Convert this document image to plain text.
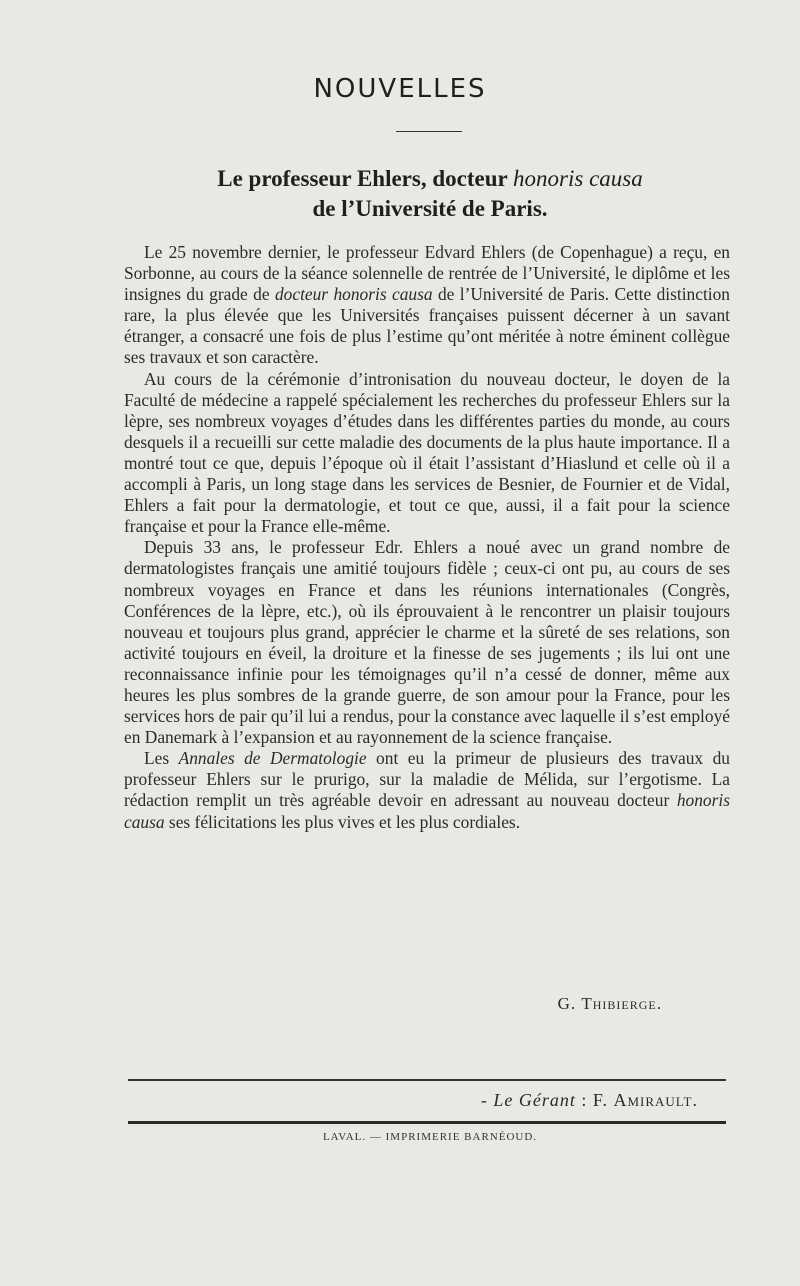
NOUVELLES
Le professeur Ehlers, docteur honoris causa
de l’Université de Paris.

Le 25 novembre dernier, le professeur Edvard Ehlers (de Copenhague) a reçu, en Sorbonne, au cours de la séance solennelle de rentrée de l’Université, le diplôme et les insignes du grade de docteur honoris causa de l’Université de Paris. Cette distinction rare, la plus élevée que les Universités françaises puissent décerner à un savant étranger, a consacré une fois de plus l’estime qu’ont méritée à notre éminent collègue ses travaux et son caractère.

Au cours de la cérémonie d’intronisation du nouveau docteur, le doyen de la Faculté de médecine a rappelé spécialement les recherches du professeur Ehlers sur la lèpre, ses nombreux voyages d’études dans les différentes parties du monde, au cours desquels il a recueilli sur cette maladie des documents de la plus haute importance. Il a montré tout ce que, depuis l’époque où il était l’assistant d’Hiaslund et celle où il a accompli à Paris, un long stage dans les services de Besnier, de Fournier et de Vidal, Ehlers a fait pour la dermatologie, et tout ce que, aussi, il a fait pour la science française et pour la France elle-même.

Depuis 33 ans, le professeur Edr. Ehlers a noué avec un grand nombre de dermatologistes français une amitié toujours fidèle ; ceux-ci ont pu, au cours de ses nombreux voyages en France et dans les réunions internationales (Congrès, Conférences de la lèpre, etc.), où ils éprouvaient à le rencontrer un plaisir toujours nouveau et toujours plus grand, apprécier le charme et la sûreté de ses relations, son activité toujours en éveil, la droiture et la finesse de ses jugements ; ils lui ont une reconnaissance infinie pour les témoignages qu’il n’a cessé de donner, même aux heures les plus sombres de la grande guerre, de son amour pour la France, pour les services hors de pair qu’il lui a rendus, pour la constance avec laquelle il s’est employé en Danemark à l’expansion et au rayonnement de la science française.

Les Annales de Dermatologie ont eu la primeur de plusieurs des travaux du professeur Ehlers sur le prurigo, sur la maladie de Mélida, sur l’ergotisme. La rédaction remplit un très agréable devoir en adressant au nouveau docteur honoris causa ses félicitations les plus vives et les plus cordiales.

G. Thibierge.
- Le Gérant : F. Amirault.
LAVAL. — IMPRIMERIE BARNÉOUD.
